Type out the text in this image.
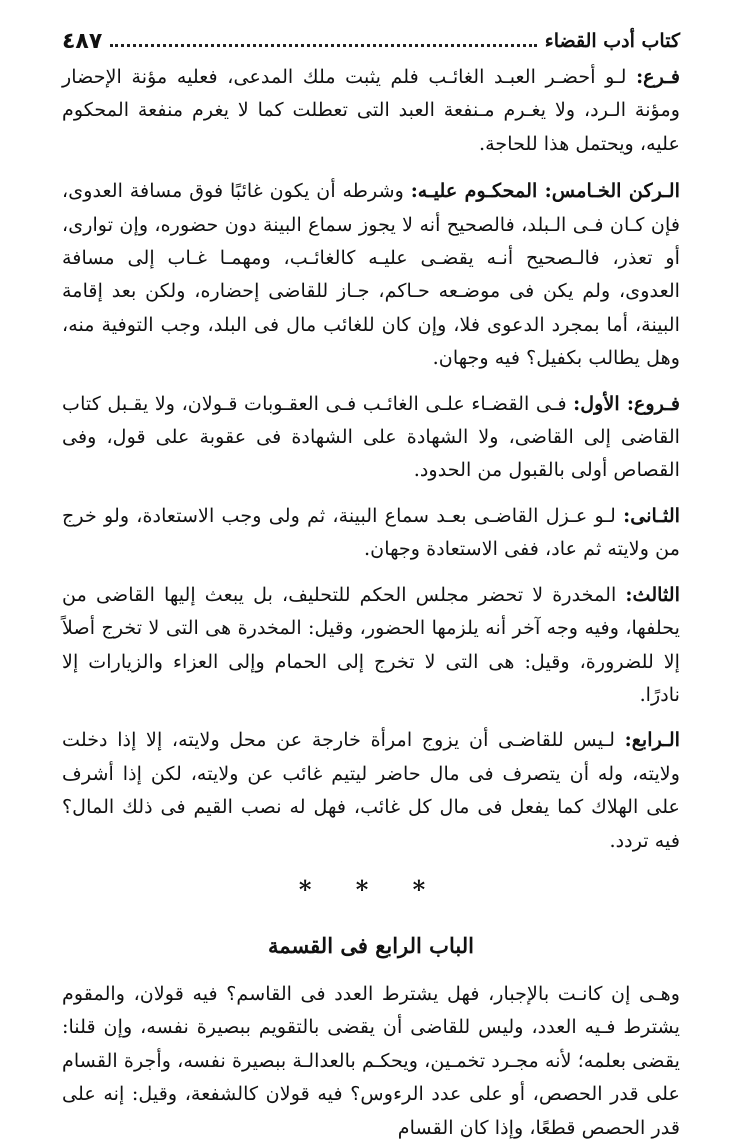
كتاب أدب القضاء
٤٨٧

فـرع: لـو أحضـر العبـد الغائـب فلم يثبت ملك المدعى، فعليه مؤنة الإحضار ومؤنة الـرد، ولا يغـرم مـنفعة العبد التى تعطلت كما لا يغرم منفعة المحكوم عليه، ويحتمل هذا للحاجة.

الـركن الخـامس: المحكـوم عليـه: وشرطه أن يكون غائبًا فوق مسافة العدوى، فإن كـان فـى الـبلد، فالصحيح أنه لا يجوز سماع البينة دون حضوره، وإن توارى، أو تعذر، فالـصحيح أنـه يقضـى عليـه كالغائـب، ومهمـا غـاب إلى مسافة العدوى، ولم يكن فى موضـعه حـاكم، جـاز للقاضى إحضاره، ولكن بعد إقامة البينة، أما بمجرد الدعوى فلا، وإن كان للغائب مال فى البلد، وجب التوفية منه، وهل يطالب بكفيل؟ فيه وجهان.

فـروع: الأول: فـى القضـاء علـى الغائـب فـى العقـوبات قـولان، ولا يقـبل كتاب القاضى إلى القاضى، ولا الشهادة على الشهادة فى عقوبة على قول، وفى القصاص أولى بالقبول من الحدود.

الثـانى: لـو عـزل القاضـى بعـد سماع البينة، ثم ولى وجب الاستعادة، ولو خرج من ولايته ثم عاد، ففى الاستعادة وجهان.

الثالث: المخدرة لا تحضر مجلس الحكم للتحليف، بل يبعث إليها القاضى من يحلفها، وفيه وجه آخر أنه يلزمها الحضور، وقيل: المخدرة هى التى لا تخرج أصلاً إلا للضرورة، وقيل: هى التى لا تخرج إلى الحمام وإلى العزاء والزيارات إلا نادرًا.

الـرابع: لـيس للقاضـى أن يزوج امرأة خارجة عن محل ولايته، إلا إذا دخلت ولايته، وله أن يتصرف فى مال حاضر ليتيم غائب عن ولايته، لكن إذا أشرف على الهلاك كما يفعل فى مال كل غائب، فهل له نصب القيم فى ذلك المال؟ فيه تردد.

* * *
الباب الرابع فى القسمة

وهـى إن كانـت بالإجبار، فهل يشترط العدد فى القاسم؟ فيه قولان، والمقوم يشترط فـيه العدد، وليس للقاضى أن يقضى بالتقويم ببصيرة نفسه، وإن قلنا: يقضى بعلمه؛ لأنه مجـرد تخمـين، ويحكـم بالعدالـة ببصيرة نفسه، وأجرة القسام على قدر الحصص، أو على عدد الرءوس؟ فيه قولان كالشفعة، وقيل: إنه على قدر الحصص قطعًا، وإذا كان القسام
